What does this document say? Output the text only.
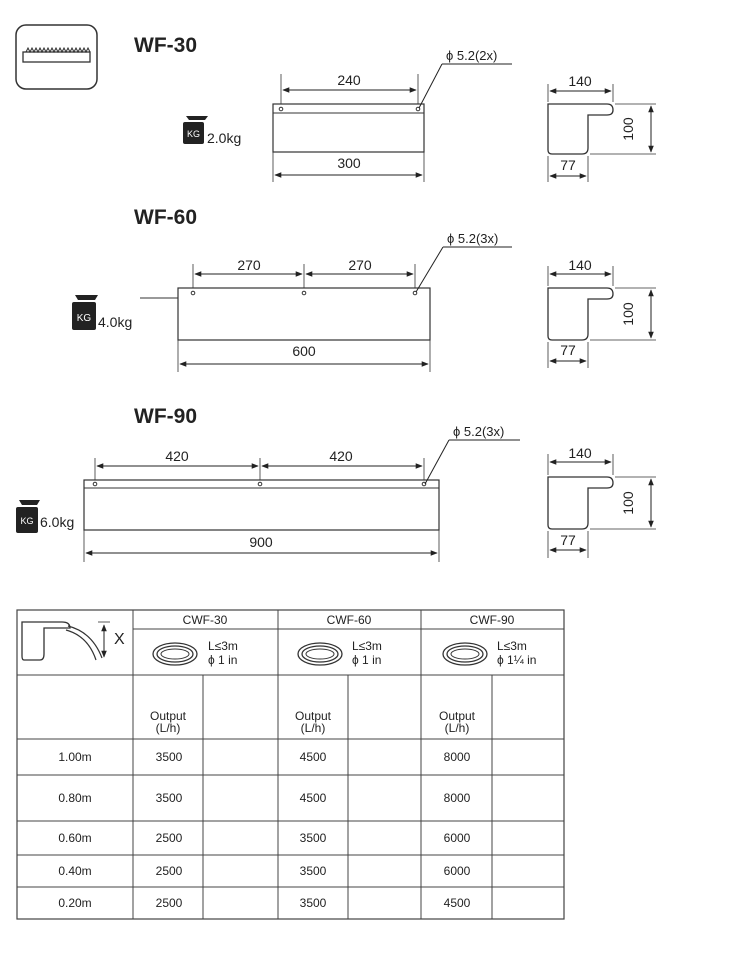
WF-30
KG 2.0kg
240
ϕ 5.2(2x)
300
140
100
77
WF-60
KG 4.0kg
270	270
ϕ 5.2(3x)
600
140
100
77
WF-90
KG 6.0kg
420	420
ϕ 5.2(3x)
900
140
100
77
X
CWF-30	CWF-60	CWF-90
L≤3m
ϕ 1 in
L≤3m
ϕ 1 in
L≤3m
ϕ 1¼ in
Output
(L/h)
Output
(L/h)
Output
(L/h)
1.00m	3500	4500	8000
0.80m	3500	4500	8000
0.60m	2500	3500	6000
0.40m	2500	3500	6000
0.20m	2500	3500	4500
